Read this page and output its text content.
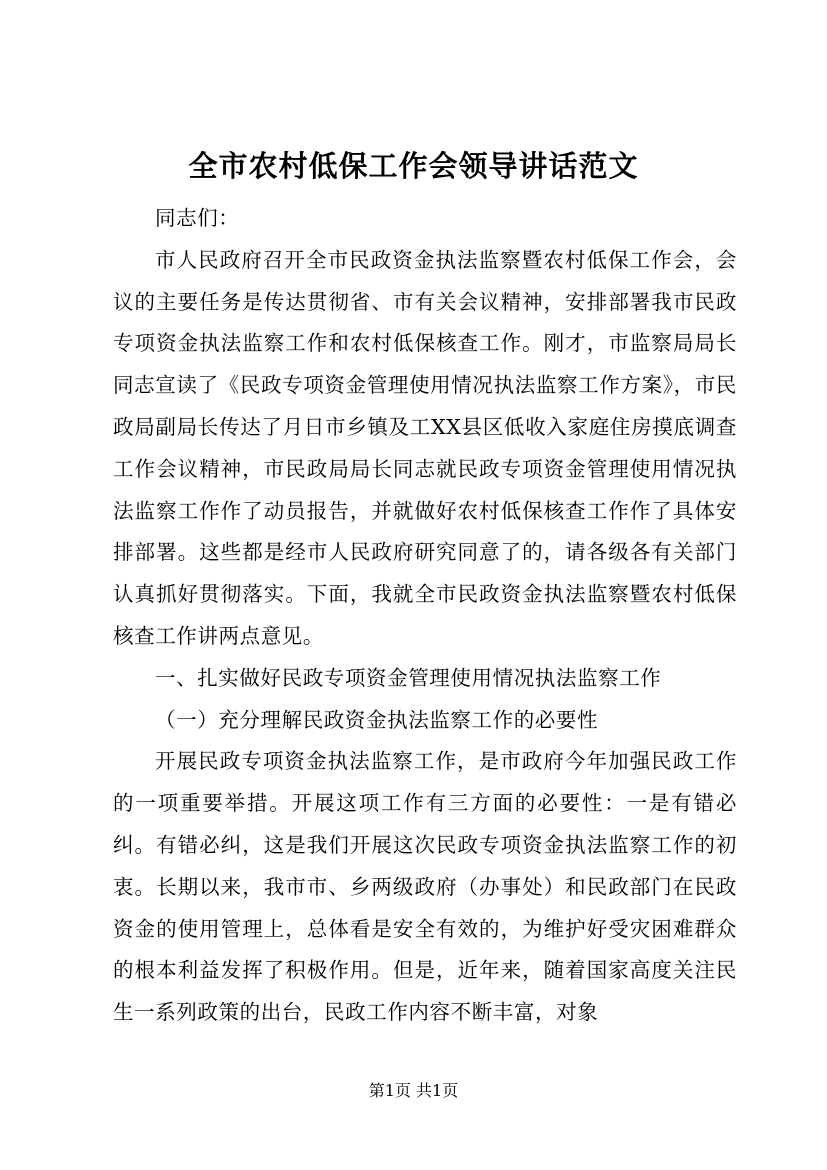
全市农村低保工作会领导讲话范文

同志们：

市人民政府召开全市民政资金执法监察暨农村低保工作会，会议的主要任务是传达贯彻省、市有关会议精神，安排部署我市民政专项资金执法监察工作和农村低保核查工作。刚才，市监察局局长同志宣读了《民政专项资金管理使用情况执法监察工作方案》，市民政局副局长传达了月日市乡镇及工XX县区低收入家庭住房摸底调查工作会议精神，市民政局局长同志就民政专项资金管理使用情况执法监察工作作了动员报告，并就做好农村低保核查工作作了具体安排部署。这些都是经市人民政府研究同意了的，请各级各有关部门认真抓好贯彻落实。下面，我就全市民政资金执法监察暨农村低保核查工作讲两点意见。

一、扎实做好民政专项资金管理使用情况执法监察工作

（一）充分理解民政资金执法监察工作的必要性

开展民政专项资金执法监察工作，是市政府今年加强民政工作的一项重要举措。开展这项工作有三方面的必要性：一是有错必纠。有错必纠，这是我们开展这次民政专项资金执法监察工作的初衷。长期以来，我市市、乡两级政府（办事处）和民政部门在民政资金的使用管理上，总体看是安全有效的，为维护好受灾困难群众的根本利益发挥了积极作用。但是，近年来，随着国家高度关注民生一系列政策的出台，民政工作内容不断丰富，对象

第1页 共1页
